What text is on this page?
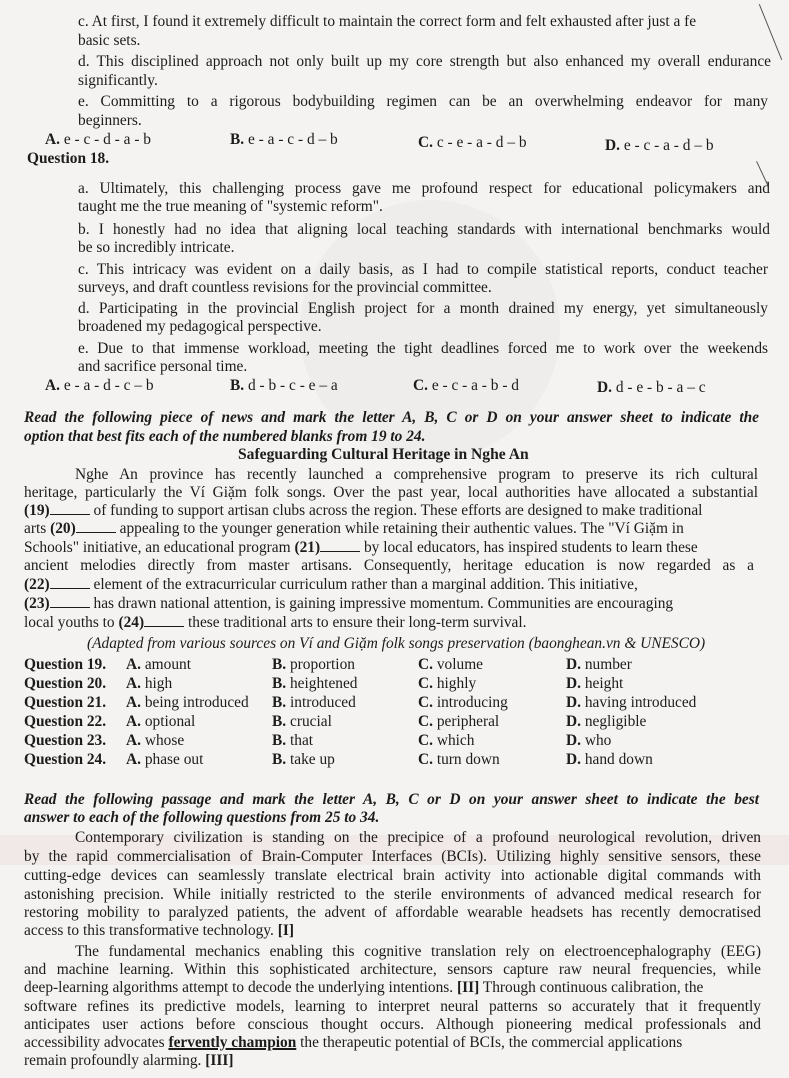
c. At first, I found it extremely difficult to maintain the correct form and felt exhausted after just a fe
basic sets.
d. This disciplined approach not only built up my core strength but also enhanced my overall endurance
significantly.
e. Committing to a rigorous bodybuilding regimen can be an overwhelming endeavor for many
beginners.
A. e - c - d - a - b	B. e - a - c - d – b	C. c - e - a - d – b	D. e - c - a - d – b
Question 18.
a. Ultimately, this challenging process gave me profound respect for educational policymakers and
taught me the true meaning of "systemic reform".
b. I honestly had no idea that aligning local teaching standards with international benchmarks would
be so incredibly intricate.
c. This intricacy was evident on a daily basis, as I had to compile statistical reports, conduct teacher
surveys, and draft countless revisions for the provincial committee.
d. Participating in the provincial English project for a month drained my energy, yet simultaneously
broadened my pedagogical perspective.
e. Due to that immense workload, meeting the tight deadlines forced me to work over the weekends
and sacrifice personal time.
A. e - a - d - c – b	B. d - b - c - e – a	C. e - c - a - b - d	D. d - e - b - a – c
Read the following piece of news and mark the letter A, B, C or D on your answer sheet to indicate the
option that best fits each of the numbered blanks from 19 to 24.
Safeguarding Cultural Heritage in Nghe An
Nghe An province has recently launched a comprehensive program to preserve its rich cultural
heritage, particularly the Ví Giặm folk songs. Over the past year, local authorities have allocated a substantial
(19)	of funding to support artisan clubs across the region. These efforts are designed to make traditional
arts (20)	appealing to the younger generation while retaining their authentic values. The "Ví Giặm in
Schools" initiative, an educational program (21)	by local educators, has inspired students to learn these
ancient melodies directly from master artisans. Consequently, heritage education is now regarded as a
(22)	element of the extracurricular curriculum rather than a marginal addition. This initiative,
(23)	has drawn national attention, is gaining impressive momentum. Communities are encouraging
local youths to (24)	these traditional arts to ensure their long-term survival.
(Adapted from various sources on Ví and Giặm folk songs preservation (baonghean.vn & UNESCO)
Question 19. A. amount	B. proportion	C. volume	D. number
Question 20. A. high	B. heightened	C. highly	D. height
Question 21. A. being introduced B. introduced	C. introducing	D. having introduced
Question 22. A. optional	B. crucial	C. peripheral	D. negligible
Question 23. A. whose	B. that	C. which	D. who
Question 24. A. phase out	B. take up	C. turn down	D. hand down
Read the following passage and mark the letter A, B, C or D on your answer sheet to indicate the best
answer to each of the following questions from 25 to 34.
Contemporary civilization is standing on the precipice of a profound neurological revolution, driven
by the rapid commercialisation of Brain-Computer Interfaces (BCIs). Utilizing highly sensitive sensors, these
cutting-edge devices can seamlessly translate electrical brain activity into actionable digital commands with
astonishing precision. While initially restricted to the sterile environments of advanced medical research for
restoring mobility to paralyzed patients, the advent of affordable wearable headsets has recently democratised
access to this transformative technology. [I]
The fundamental mechanics enabling this cognitive translation rely on electroencephalography (EEG)
and machine learning. Within this sophisticated architecture, sensors capture raw neural frequencies, while
deep-learning algorithms attempt to decode the underlying intentions. [II] Through continuous calibration, the
software refines its predictive models, learning to interpret neural patterns so accurately that it frequently
anticipates user actions before conscious thought occurs. Although pioneering medical professionals and
accessibility advocates fervently champion the therapeutic potential of BCIs, the commercial applications
remain profoundly alarming. [III]
